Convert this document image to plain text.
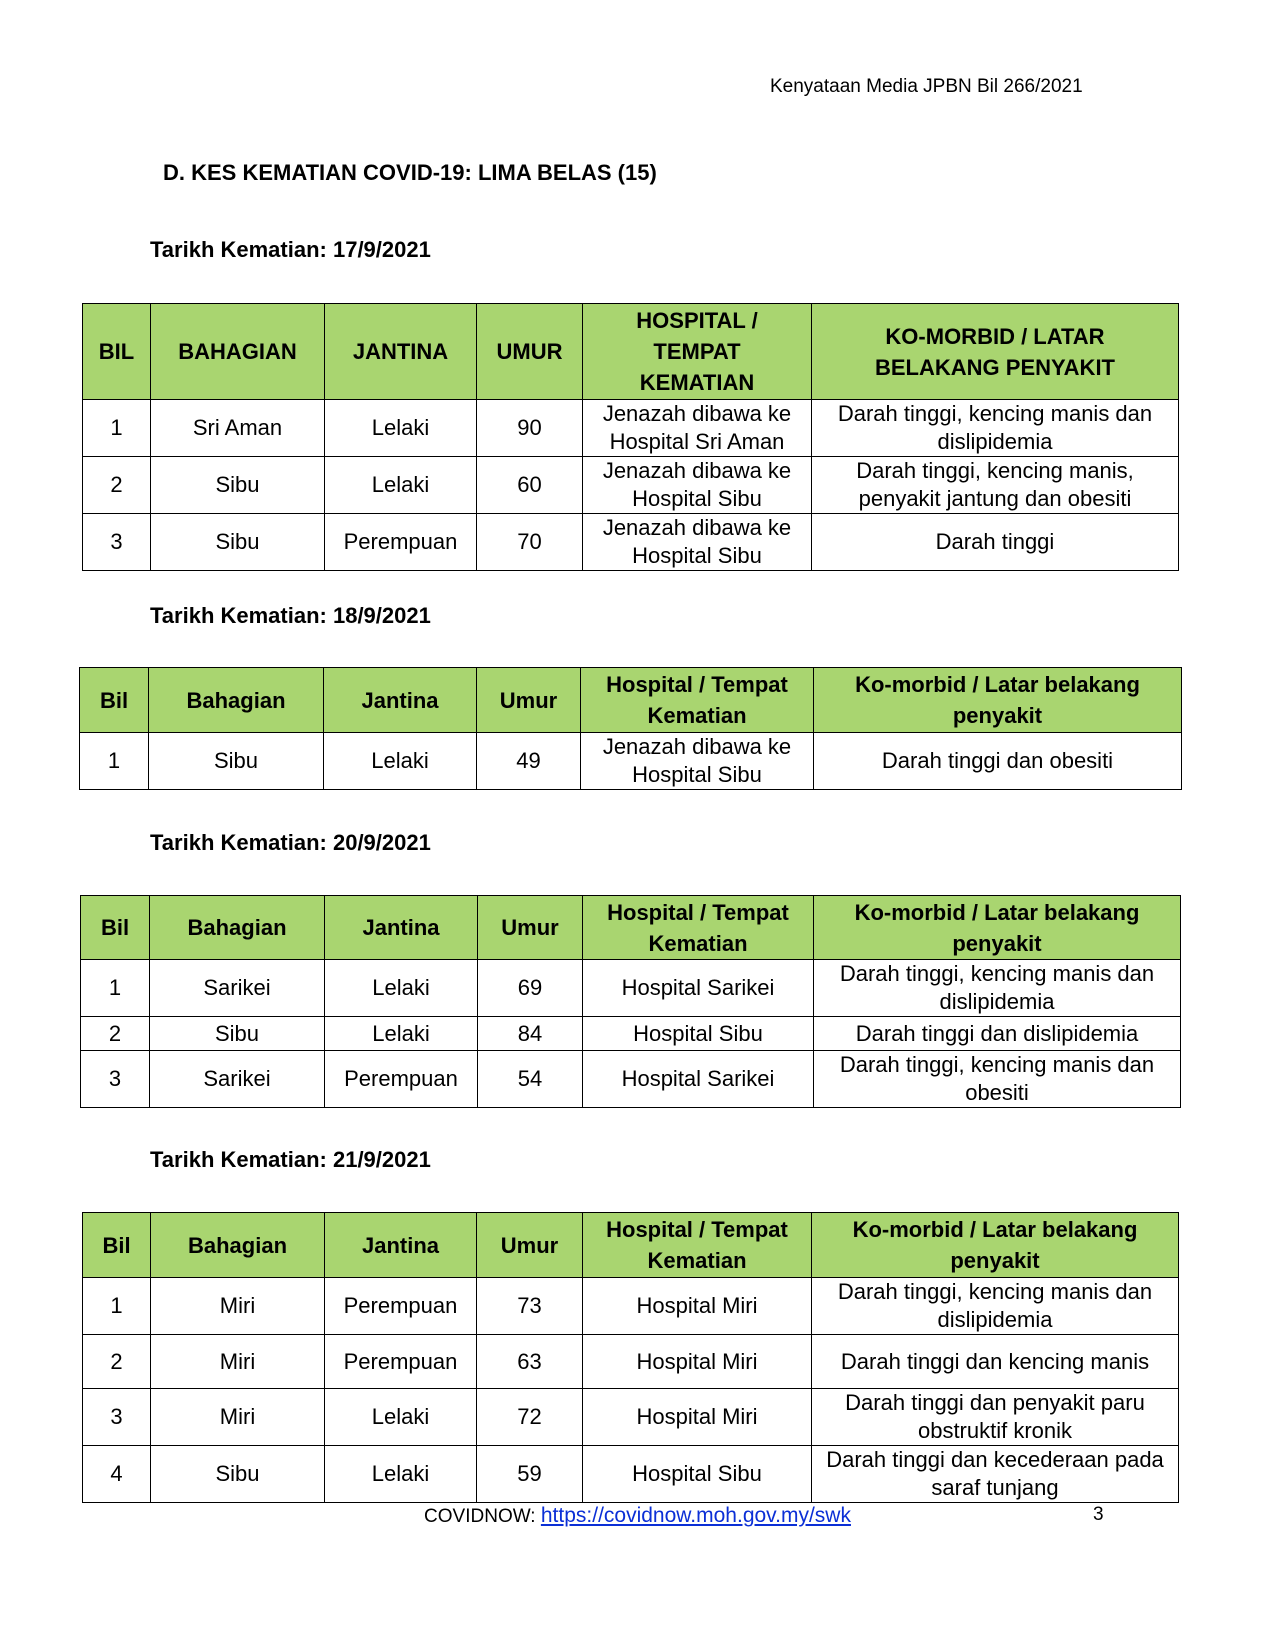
Kenyataan Media JPBN Bil 266/2021
D. KES KEMATIAN COVID-19: LIMA BELAS (15)
Tarikh Kematian: 17/9/2021
BIL	BAHAGIAN	JANTINA	UMUR	HOSPITAL / TEMPAT KEMATIAN	KO-MORBID / LATAR BELAKANG PENYAKIT
1	Sri Aman	Lelaki	90	Jenazah dibawa ke Hospital Sri Aman	Darah tinggi, kencing manis dan dislipidemia
2	Sibu	Lelaki	60	Jenazah dibawa ke Hospital Sibu	Darah tinggi, kencing manis, penyakit jantung dan obesiti
3	Sibu	Perempuan	70	Jenazah dibawa ke Hospital Sibu	Darah tinggi
Tarikh Kematian: 18/9/2021
Bil	Bahagian	Jantina	Umur	Hospital / Tempat Kematian	Ko-morbid / Latar belakang penyakit
1	Sibu	Lelaki	49	Jenazah dibawa ke Hospital Sibu	Darah tinggi dan obesiti
Tarikh Kematian: 20/9/2021
Bil	Bahagian	Jantina	Umur	Hospital / Tempat Kematian	Ko-morbid / Latar belakang penyakit
1	Sarikei	Lelaki	69	Hospital Sarikei	Darah tinggi, kencing manis dan dislipidemia
2	Sibu	Lelaki	84	Hospital Sibu	Darah tinggi dan dislipidemia
3	Sarikei	Perempuan	54	Hospital Sarikei	Darah tinggi, kencing manis dan obesiti
Tarikh Kematian: 21/9/2021
Bil	Bahagian	Jantina	Umur	Hospital / Tempat Kematian	Ko-morbid / Latar belakang penyakit
1	Miri	Perempuan	73	Hospital Miri	Darah tinggi, kencing manis dan dislipidemia
2	Miri	Perempuan	63	Hospital Miri	Darah tinggi dan kencing manis
3	Miri	Lelaki	72	Hospital Miri	Darah tinggi dan penyakit paru obstruktif kronik
4	Sibu	Lelaki	59	Hospital Sibu	Darah tinggi dan kecederaan pada saraf tunjang
COVIDNOW: https://covidnow.moh.gov.my/swk	3
